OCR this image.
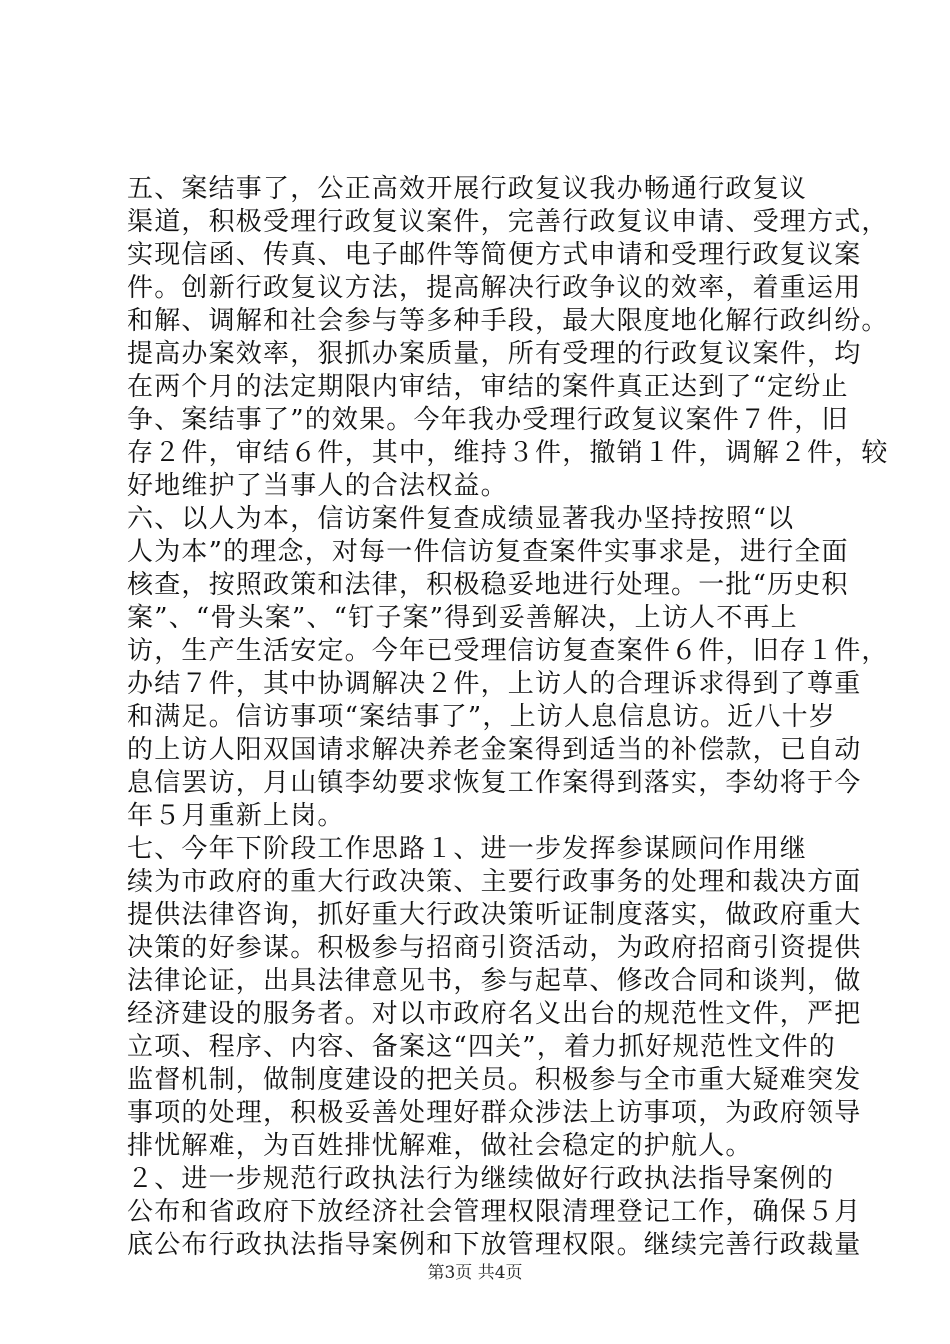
五、案结事了，公正高效开展行政复议我办畅通行政复议
渠道，积极受理行政复议案件，完善行政复议申请、受理方式，
实现信函、传真、电子邮件等简便方式申请和受理行政复议案
件。创新行政复议方法，提高解决行政争议的效率，着重运用
和解、调解和社会参与等多种手段，最大限度地化解行政纠纷。
提高办案效率，狠抓办案质量，所有受理的行政复议案件，均
在两个月的法定期限内审结，审结的案件真正达到了“定纷止
争、案结事了”的效果。今年我办受理行政复议案件７件，旧
存２件，审结６件，其中，维持３件，撤销１件，调解２件，较
好地维护了当事人的合法权益。
六、以人为本，信访案件复查成绩显著我办坚持按照“以
人为本”的理念，对每一件信访复查案件实事求是，进行全面
核查，按照政策和法律，积极稳妥地进行处理。一批“历史积
案”、“骨头案”、“钉子案”得到妥善解决，上访人不再上
访，生产生活安定。今年已受理信访复查案件６件，旧存１件，
办结７件，其中协调解决２件，上访人的合理诉求得到了尊重
和满足。信访事项“案结事了”，上访人息信息访。近八十岁
的上访人阳双国请求解决养老金案得到适当的补偿款，已自动
息信罢访，月山镇李幼要求恢复工作案得到落实，李幼将于今
年５月重新上岗。
七、今年下阶段工作思路１、进一步发挥参谋顾问作用继
续为市政府的重大行政决策、主要行政事务的处理和裁决方面
提供法律咨询，抓好重大行政决策听证制度落实，做政府重大
决策的好参谋。积极参与招商引资活动，为政府招商引资提供
法律论证，出具法律意见书，参与起草、修改合同和谈判，做
经济建设的服务者。对以市政府名义出台的规范性文件，严把
立项、程序、内容、备案这“四关”，着力抓好规范性文件的
监督机制，做制度建设的把关员。积极参与全市重大疑难突发
事项的处理，积极妥善处理好群众涉法上访事项，为政府领导
排忧解难，为百姓排忧解难，做社会稳定的护航人。
２、进一步规范行政执法行为继续做好行政执法指导案例的
公布和省政府下放经济社会管理权限清理登记工作，确保５月
底公布行政执法指导案例和下放管理权限。继续完善行政裁量
第3页 共4页
